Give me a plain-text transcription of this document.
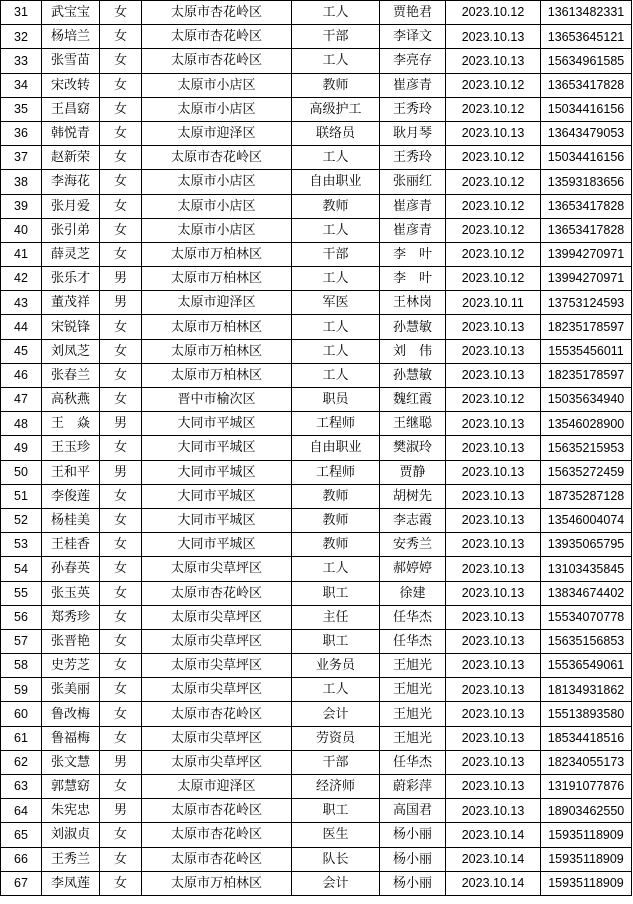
31	武宝宝	女	太原市杏花岭区	工人	贾艳君	2023.10.12	13613482331
32	杨培兰	女	太原市杏花岭区	干部	李译文	2023.10.13	13653645121
33	张雪苗	女	太原市杏花岭区	工人	李亮存	2023.10.13	15634961585
34	宋改转	女	太原市小店区	教师	崔彦青	2023.10.12	13653417828
35	王昌窈	女	太原市小店区	高级护工	王秀玲	2023.10.12	15034416156
36	韩悦青	女	太原市迎泽区	联络员	耿月琴	2023.10.13	13643479053
37	赵新荣	女	太原市杏花岭区	工人	王秀玲	2023.10.12	15034416156
38	李海花	女	太原市小店区	自由职业	张丽红	2023.10.12	13593183656
39	张月爱	女	太原市小店区	教师	崔彦青	2023.10.12	13653417828
40	张引弟	女	太原市小店区	工人	崔彦青	2023.10.12	13653417828
41	薛灵芝	女	太原市万柏林区	干部	李　叶	2023.10.12	13994270971
42	张乐才	男	太原市万柏林区	工人	李　叶	2023.10.12	13994270971
43	董茂祥	男	太原市迎泽区	军医	王林岗	2023.10.11	13753124593
44	宋锐锋	女	太原市万柏林区	工人	孙慧敏	2023.10.13	18235178597
45	刘凤芝	女	太原市万柏林区	工人	刘　伟	2023.10.13	15535456011
46	张春兰	女	太原市万柏林区	工人	孙慧敏	2023.10.13	18235178597
47	高秋燕	女	晋中市榆次区	职员	魏红霞	2023.10.12	15035634940
48	王　焱	男	大同市平城区	工程师	王继聪	2023.10.13	13546028900
49	王玉珍	女	大同市平城区	自由职业	樊淑玲	2023.10.13	15635215953
50	王和平	男	大同市平城区	工程师	贾静	2023.10.13	15635272459
51	李俊莲	女	大同市平城区	教师	胡树先	2023.10.13	18735287128
52	杨桂美	女	大同市平城区	教师	李志霞	2023.10.13	13546004074
53	王桂香	女	大同市平城区	教师	安秀兰	2023.10.13	13935065795
54	孙春英	女	太原市尖草坪区	工人	郝婷婷	2023.10.13	13103435845
55	张玉英	女	太原市杏花岭区	职工	徐建	2023.10.13	13834674402
56	郑秀珍	女	太原市尖草坪区	主任	任华杰	2023.10.13	15534070778
57	张晋艳	女	太原市尖草坪区	职工	任华杰	2023.10.13	15635156853
58	史芳芝	女	太原市尖草坪区	业务员	王旭光	2023.10.13	15536549061
59	张美丽	女	太原市尖草坪区	工人	王旭光	2023.10.13	18134931862
60	鲁改梅	女	太原市杏花岭区	会计	王旭光	2023.10.13	15513893580
61	鲁福梅	女	太原市尖草坪区	劳资员	王旭光	2023.10.13	18534418516
62	张文慧	男	太原市尖草坪区	干部	任华杰	2023.10.13	18234055173
63	郭慧窈	女	太原市迎泽区	经济师	蔚彩萍	2023.10.13	13191077876
64	朱宪忠	男	太原市杏花岭区	职工	高国君	2023.10.13	18903462550
65	刘淑贞	女	太原市杏花岭区	医生	杨小丽	2023.10.14	15935118909
66	王秀兰	女	太原市杏花岭区	队长	杨小丽	2023.10.14	15935118909
67	李凤莲	女	太原市万柏林区	会计	杨小丽	2023.10.14	15935118909
